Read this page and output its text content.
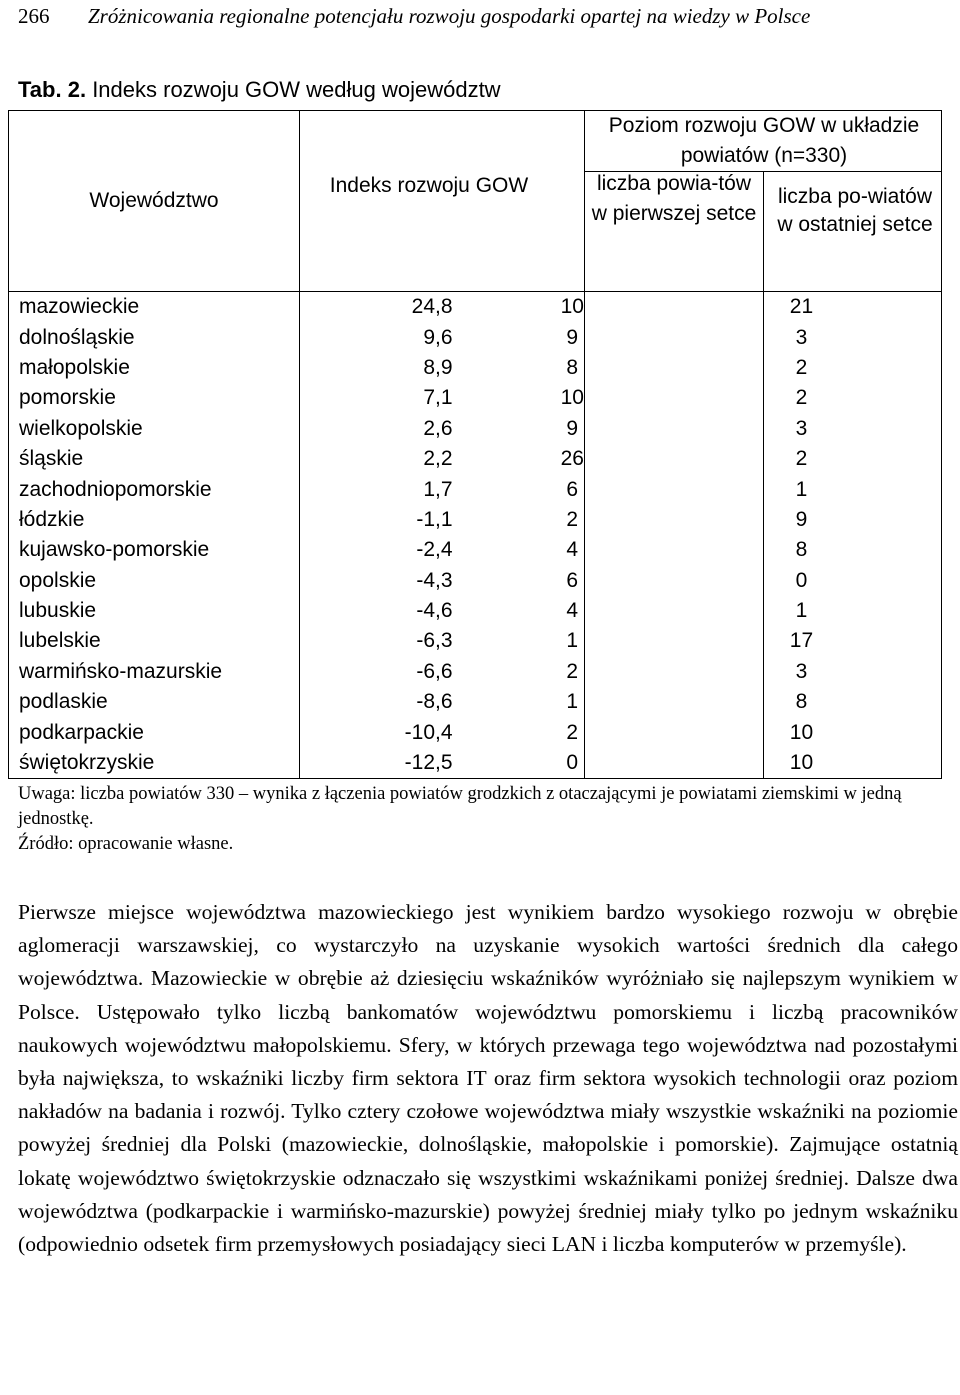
266 Zróżnicowania regionalne potencjału rozwoju gospodarki opartej na wiedzy w Polsce
Tab. 2. Indeks rozwoju GOW według województw
Województwo
Indeks rozwoju GOW
Poziom rozwoju GOW w układzie powiatów (n=330)
liczba powia-tów w pierwszej setce
liczba po-wiatów w ostatniej setce
mazowieckie	24,8	10	21
dolnośląskie	9,6	9	3
małopolskie	8,9	8	2
pomorskie	7,1	10	2
wielkopolskie	2,6	9	3
śląskie	2,2	26	2
zachodniopomorskie	1,7	6	1
łódzkie	-1,1	2	9
kujawsko-pomorskie	-2,4	4	8
opolskie	-4,3	6	0
lubuskie	-4,6	4	1
lubelskie	-6,3	1	17
warmińsko-mazurskie	-6,6	2	3
podlaskie	-8,6	1	8
podkarpackie	-10,4	2	10
świętokrzyskie	-12,5	0	10
Uwaga: liczba powiatów 330 – wynika z łączenia powiatów grodzkich z otaczającymi je powiatami ziemskimi w jedną jednostkę.
Źródło: opracowanie własne.

Pierwsze miejsce województwa mazowieckiego jest wynikiem bardzo wysokiego rozwoju w obrębie aglomeracji warszawskiej, co wystarczyło na uzyskanie wysokich wartości średnich dla całego województwa. Mazowieckie w obrębie aż dziesięciu wskaźników wyróżniało się najlepszym wynikiem w Polsce. Ustępowało tylko liczbą bankomatów województwu pomorskiemu i liczbą pracowników naukowych województwu małopolskiemu. Sfery, w których przewaga tego województwa nad pozostałymi była największa, to wskaźniki liczby firm sektora IT oraz firm sektora wysokich technologii oraz poziom nakładów na badania i rozwój. Tylko cztery czołowe województwa miały wszystkie wskaźniki na poziomie powyżej średniej dla Polski (mazowieckie, dolnośląskie, małopolskie i pomorskie). Zajmujące ostatnią lokatę województwo świętokrzyskie odznaczało się wszystkimi wskaźnikami poniżej średniej. Dalsze dwa województwa (podkarpackie i warmińsko-mazurskie) powyżej średniej miały tylko po jednym wskaźniku (odpowiednio odsetek firm przemysłowych posiadający sieci LAN i liczba komputerów w przemyśle).
